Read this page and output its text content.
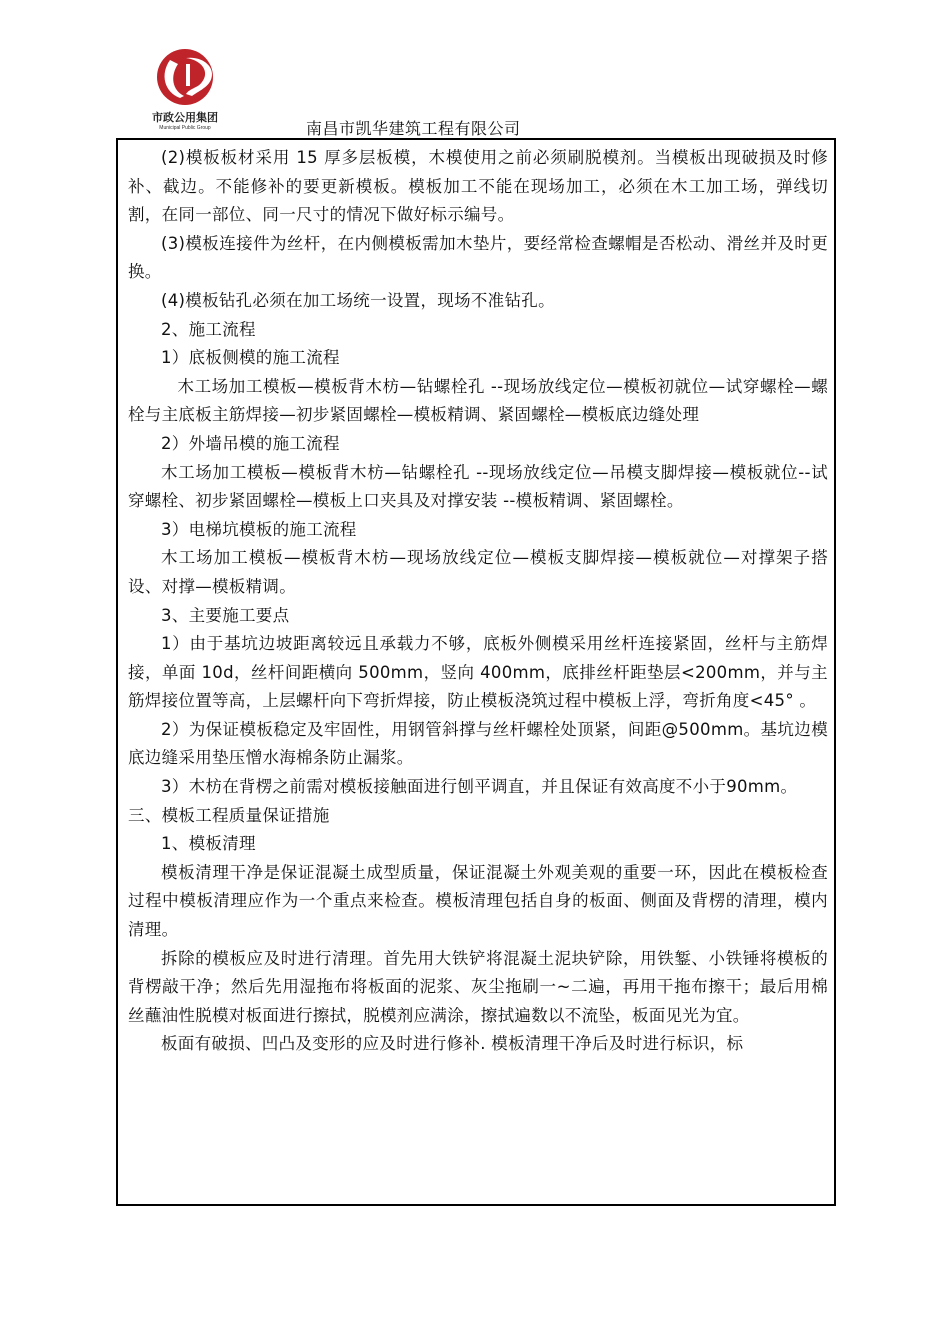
市政公用集团
Municipal Public Group	南昌市凯华建筑工程有限公司

(2)模板板材采用 15 厚多层板模，木模使用之前必须刷脱模剂。当模板出现破损及时修补、截边。不能修补的要更新模板。模板加工不能在现场加工，必须在木工加工场，弹线切割，在同一部位、同一尺寸的情况下做好标示编号。

(3)模板连接件为丝杆，在内侧模板需加木垫片，要经常检查螺帽是否松动、滑丝并及时更换。

(4)模板钻孔必须在加工场统一设置，现场不准钻孔。

2、施工流程

1）底板侧模的施工流程

木工场加工模板—模板背木枋—钻螺栓孔 --现场放线定位—模板初就位—试穿螺栓—螺栓与主底板主筋焊接—初步紧固螺栓—模板精调、紧固螺栓—模板底边缝处理

2）外墙吊模的施工流程

木工场加工模板—模板背木枋—钻螺栓孔 --现场放线定位—吊模支脚焊接—模板就位--试穿螺栓、初步紧固螺栓—模板上口夹具及对撑安装 --模板精调、紧固螺栓。

3）电梯坑模板的施工流程

木工场加工模板—模板背木枋—现场放线定位—模板支脚焊接—模板就位—对撑架子搭设、对撑—模板精调。

3、主要施工要点

1）由于基坑边坡距离较远且承载力不够，底板外侧模采用丝杆连接紧固，丝杆与主筋焊接，单面 10d，丝杆间距横向 500mm，竖向 400mm，底排丝杆距垫层<200mm，并与主筋焊接位置等高，上层螺杆向下弯折焊接，防止模板浇筑过程中模板上浮，弯折角度<45° 。

2）为保证模板稳定及牢固性，用钢管斜撑与丝杆螺栓处顶紧，间距@500mm。基坑边模底边缝采用垫压憎水海棉条防止漏浆。

3）木枋在背楞之前需对模板接触面进行刨平调直，并且保证有效高度不小于90mm。

三、模板工程质量保证措施

1、模板清理

模板清理干净是保证混凝土成型质量，保证混凝土外观美观的重要一环，因此在模板检查过程中模板清理应作为一个重点来检查。模板清理包括自身的板面、侧面及背楞的清理，模内清理。

拆除的模板应及时进行清理。首先用大铁铲将混凝土泥块铲除，用铁錾、小铁锤将模板的背楞敲干净；然后先用湿拖布将板面的泥浆、灰尘拖刷一~二遍，再用干拖布擦干；最后用棉丝蘸油性脱模对板面进行擦拭，脱模剂应满涂，擦拭遍数以不流坠，板面见光为宜。

板面有破损、凹凸及变形的应及时进行修补. 模板清理干净后及时进行标识，标
